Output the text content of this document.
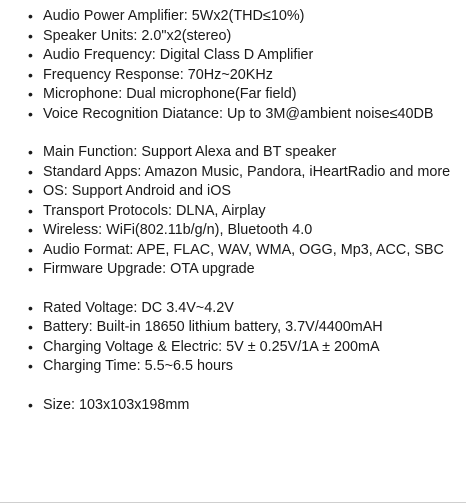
• Audio Power Amplifier: 5Wx2(THD≤10%)
• Speaker Units: 2.0"x2(stereo)
• Audio Frequency: Digital Class D Amplifier
• Frequency Response: 70Hz~20KHz
• Microphone: Dual microphone(Far field)
• Voice Recognition Diatance: Up to 3M@ambient noise≤40DB
• Main Function: Support Alexa and BT speaker
• Standard Apps: Amazon Music, Pandora, iHeartRadio and more
• OS: Support Android and iOS
• Transport Protocols: DLNA, Airplay
• Wireless: WiFi(802.11b/g/n), Bluetooth 4.0
• Audio Format: APE, FLAC, WAV, WMA, OGG, Mp3, ACC, SBC
• Firmware Upgrade: OTA upgrade
• Rated Voltage: DC 3.4V~4.2V
• Battery: Built-in 18650 lithium battery, 3.7V/4400mAH
• Charging Voltage & Electric: 5V ± 0.25V/1A ± 200mA
• Charging Time: 5.5~6.5 hours
• Size: 103x103x198mm
